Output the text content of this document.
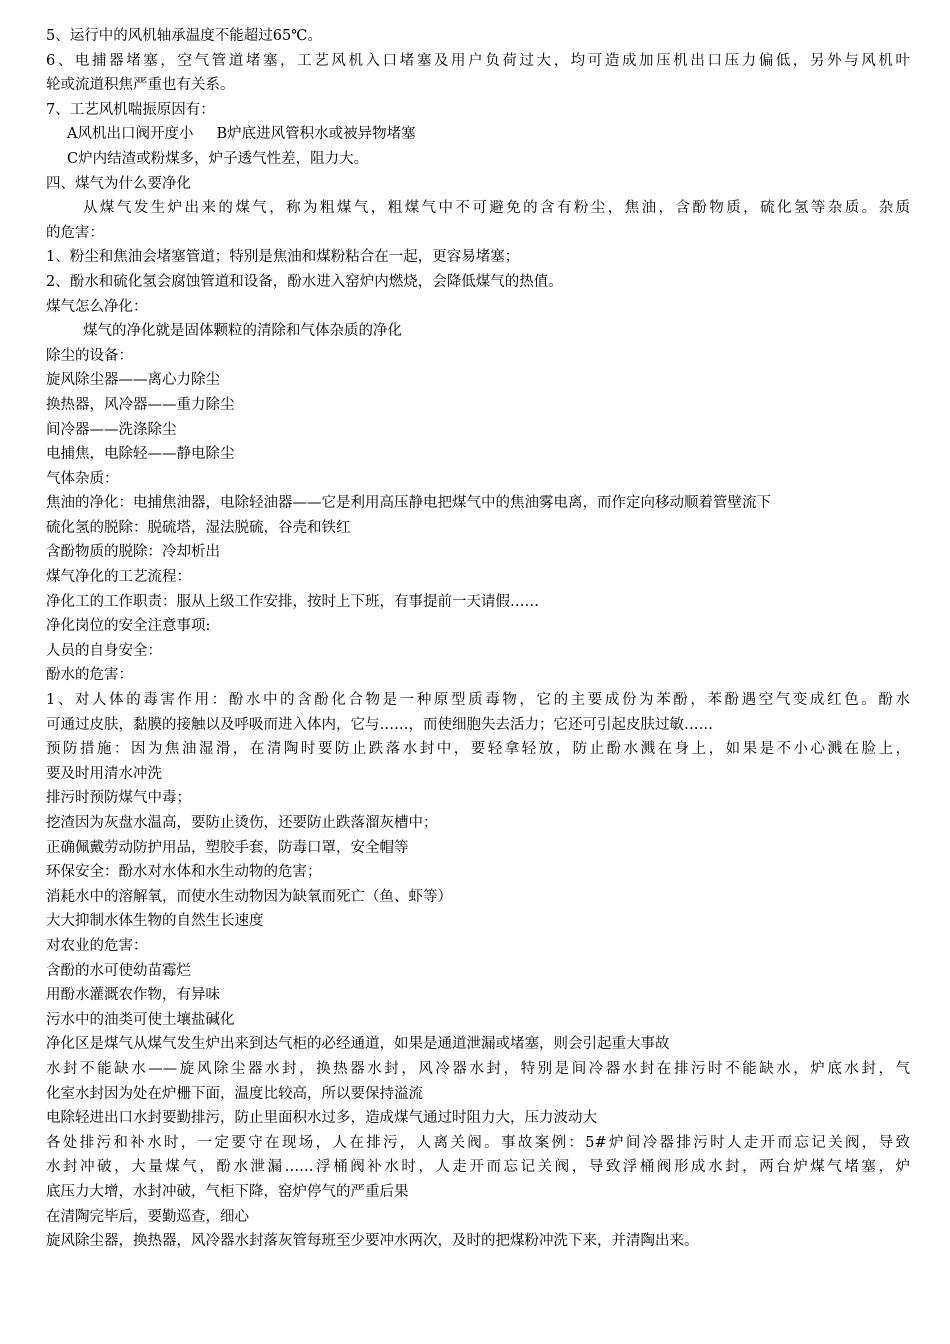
5、运行中的风机轴承温度不能超过65℃。
6、电捕器堵塞，空气管道堵塞，工艺风机入口堵塞及用户负荷过大，均可造成加压机出口压力偏低，另外与风机叶
轮或流道积焦严重也有关系。
7、工艺风机喘振原因有：
A风机出口阀开度小     B炉底进风管积水或被异物堵塞
C炉内结渣或粉煤多，炉子透气性差，阻力大。
四、煤气为什么要净化
从煤气发生炉出来的煤气，称为粗煤气，粗煤气中不可避免的含有粉尘，焦油，含酚物质，硫化氢等杂质。杂质
的危害：
1、粉尘和焦油会堵塞管道；特别是焦油和煤粉粘合在一起，更容易堵塞；
2、酚水和硫化氢会腐蚀管道和设备，酚水进入窑炉内燃烧，会降低煤气的热值。
煤气怎么净化：
煤气的净化就是固体颗粒的清除和气体杂质的净化
除尘的设备：
旋风除尘器——离心力除尘
换热器，风冷器——重力除尘
间冷器——洗涤除尘
电捕焦，电除轻——静电除尘
气体杂质：
焦油的净化：电捕焦油器，电除轻油器——它是利用高压静电把煤气中的焦油雾电离，而作定向移动顺着管壁流下
硫化氢的脱除：脱硫塔，湿法脱硫，谷壳和铁红
含酚物质的脱除：冷却析出
煤气净化的工艺流程：
净化工的工作职责：服从上级工作安排，按时上下班，有事提前一天请假……
净化岗位的安全注意事项:
人员的自身安全：
酚水的危害：
1、对人体的毒害作用：酚水中的含酚化合物是一种原型质毒物，它的主要成份为苯酚，苯酚遇空气变成红色。酚水
可通过皮肤，黏膜的接触以及呼吸而进入体内，它与……，而使细胞失去活力；它还可引起皮肤过敏……
预防措施：因为焦油湿滑，在清陶时要防止跌落水封中，要轻拿轻放，防止酚水溅在身上，如果是不小心溅在脸上，
要及时用清水冲洗
排污时预防煤气中毒；
挖渣因为灰盘水温高，要防止烫伤，还要防止跌落溜灰槽中；
正确佩戴劳动防护用品，塑胶手套，防毒口罩，安全帽等
环保安全：酚水对水体和水生动物的危害；
消耗水中的溶解氧，而使水生动物因为缺氧而死亡（鱼、虾等）
大大抑制水体生物的自然生长速度
对农业的危害：
含酚的水可使幼苗霉烂
用酚水灌溉农作物，有异味
污水中的油类可使土壤盐碱化
净化区是煤气从煤气发生炉出来到达气柜的必经通道，如果是通道泄漏或堵塞，则会引起重大事故
水封不能缺水——旋风除尘器水封，换热器水封，风冷器水封，特别是间冷器水封在排污时不能缺水，炉底水封，气
化室水封因为处在炉栅下面，温度比较高，所以要保持溢流
电除轻进出口水封要勤排污，防止里面积水过多，造成煤气通过时阻力大，压力波动大
各处排污和补水时，一定要守在现场，人在排污，人离关阀。事故案例：5#炉间冷器排污时人走开而忘记关阀，导致
水封冲破，大量煤气，酚水泄漏……浮桶阀补水时，人走开而忘记关阀，导致浮桶阀形成水封，两台炉煤气堵塞，炉
底压力大增，水封冲破，气柜下降，窑炉停气的严重后果
在清陶完毕后，要勤巡查，细心
旋风除尘器，换热器，风冷器水封落灰管每班至少要冲水两次，及时的把煤粉冲洗下来，并清陶出来。
